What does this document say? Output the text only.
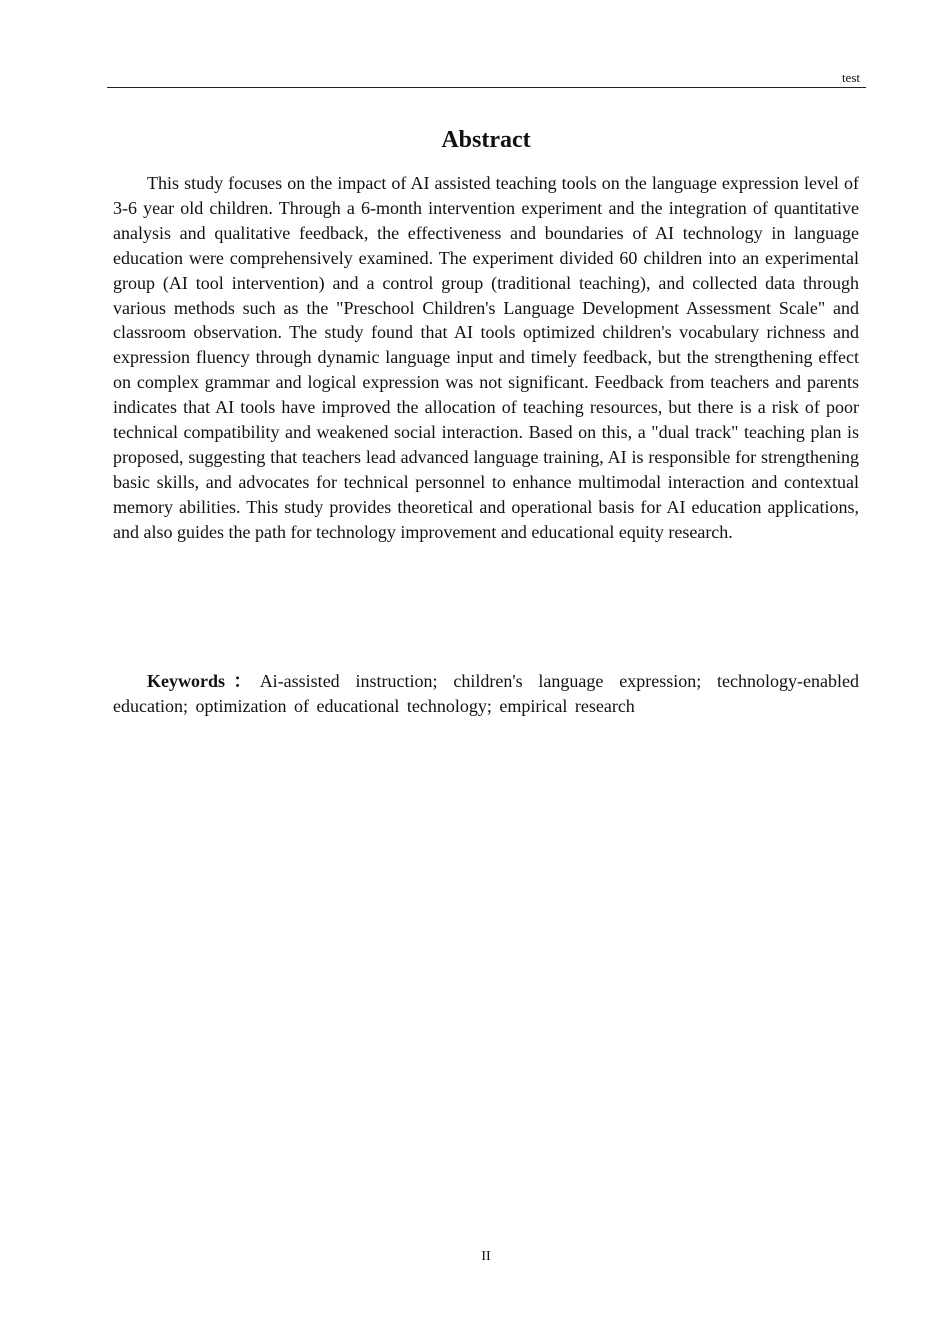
test
Abstract

This study focuses on the impact of AI assisted teaching tools on the language expression level of 3-6 year old children. Through a 6-month intervention experiment and the integration of quantitative analysis and qualitative feedback, the effectiveness and boundaries of AI technology in language education were comprehensively examined. The experiment divided 60 children into an experimental group (AI tool intervention) and a control group (traditional teaching), and collected data through various methods such as the "Preschool Children's Language Development Assessment Scale" and classroom observation. The study found that AI tools optimized children's vocabulary richness and expression fluency through dynamic language input and timely feedback, but the strengthening effect on complex grammar and logical expression was not significant. Feedback from teachers and parents indicates that AI tools have improved the allocation of teaching resources, but there is a risk of poor technical compatibility and weakened social interaction. Based on this, a "dual track" teaching plan is proposed, suggesting that teachers lead advanced language training, AI is responsible for strengthening basic skills, and advocates for technical personnel to enhance multimodal interaction and contextual memory abilities. This study provides theoretical and operational basis for AI education applications, and also guides the path for technology improvement and educational equity research.

Keywords：Ai-assisted instruction; children's language expression; technology-enabled education; optimization of educational technology; empirical research

II
